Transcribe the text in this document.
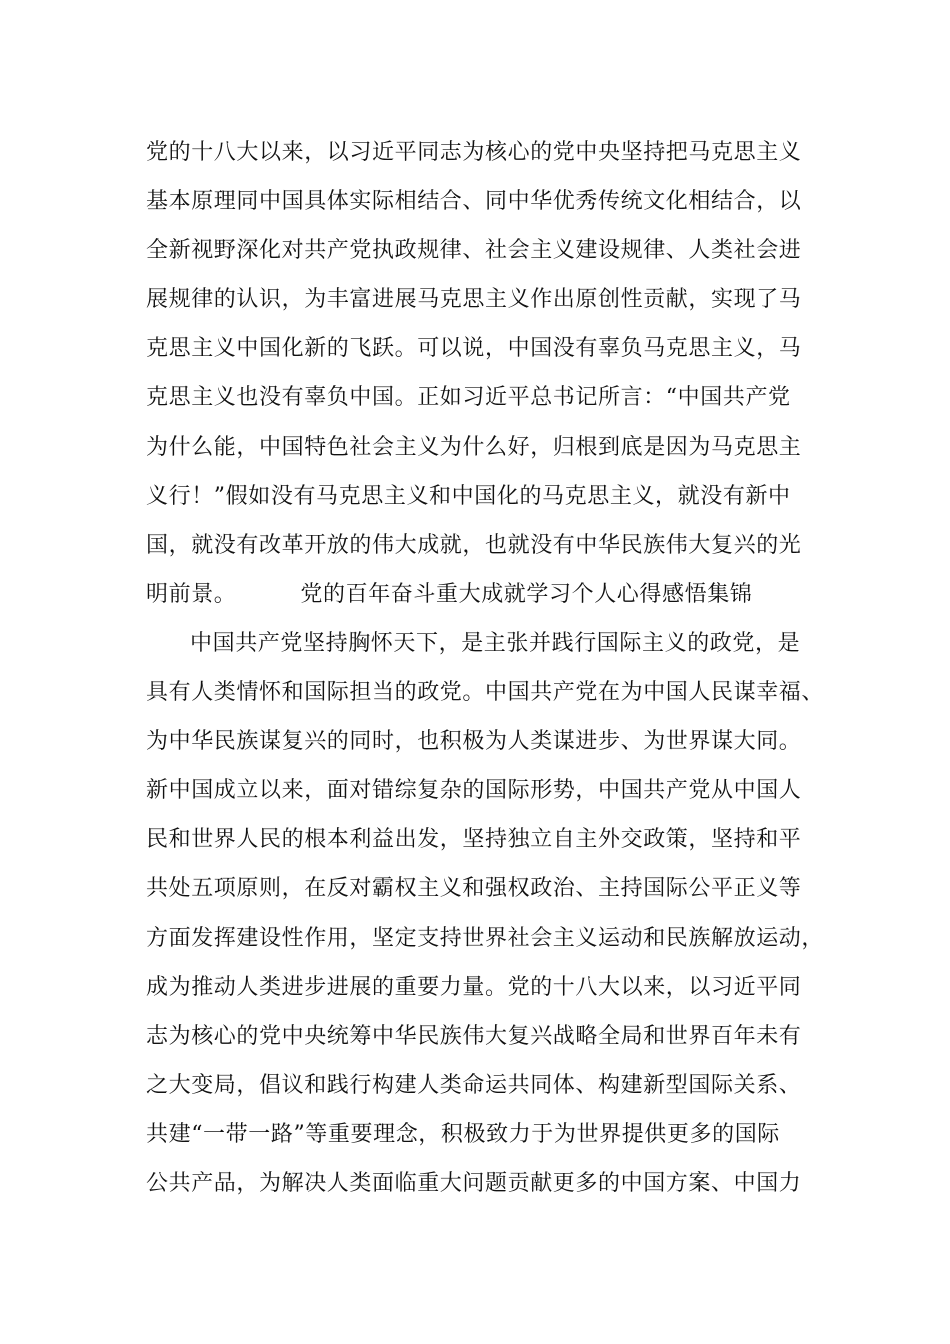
党的十八大以来，以习近平同志为核心的党中央坚持把马克思主义
基本原理同中国具体实际相结合、同中华优秀传统文化相结合，以
全新视野深化对共产党执政规律、社会主义建设规律、人类社会进
展规律的认识，为丰富进展马克思主义作出原创性贡献，实现了马
克思主义中国化新的飞跃。可以说，中国没有辜负马克思主义，马
克思主义也没有辜负中国。正如习近平总书记所言：“中国共产党
为什么能，中国特色社会主义为什么好，归根到底是因为马克思主
义行！”假如没有马克思主义和中国化的马克思主义，就没有新中
国，就没有改革开放的伟大成就，也就没有中华民族伟大复兴的光
明前景。	党的百年奋斗重大成就学习个人心得感悟集锦
中国共产党坚持胸怀天下，是主张并践行国际主义的政党，是
具有人类情怀和国际担当的政党。中国共产党在为中国人民谋幸福、
为中华民族谋复兴的同时，也积极为人类谋进步、为世界谋大同。
新中国成立以来，面对错综复杂的国际形势，中国共产党从中国人
民和世界人民的根本利益出发，坚持独立自主外交政策，坚持和平
共处五项原则，在反对霸权主义和强权政治、主持国际公平正义等
方面发挥建设性作用，坚定支持世界社会主义运动和民族解放运动，
成为推动人类进步进展的重要力量。党的十八大以来，以习近平同
志为核心的党中央统筹中华民族伟大复兴战略全局和世界百年未有
之大变局，倡议和践行构建人类命运共同体、构建新型国际关系、
共建“一带一路”等重要理念，积极致力于为世界提供更多的国际
公共产品，为解决人类面临重大问题贡献更多的中国方案、中国力
